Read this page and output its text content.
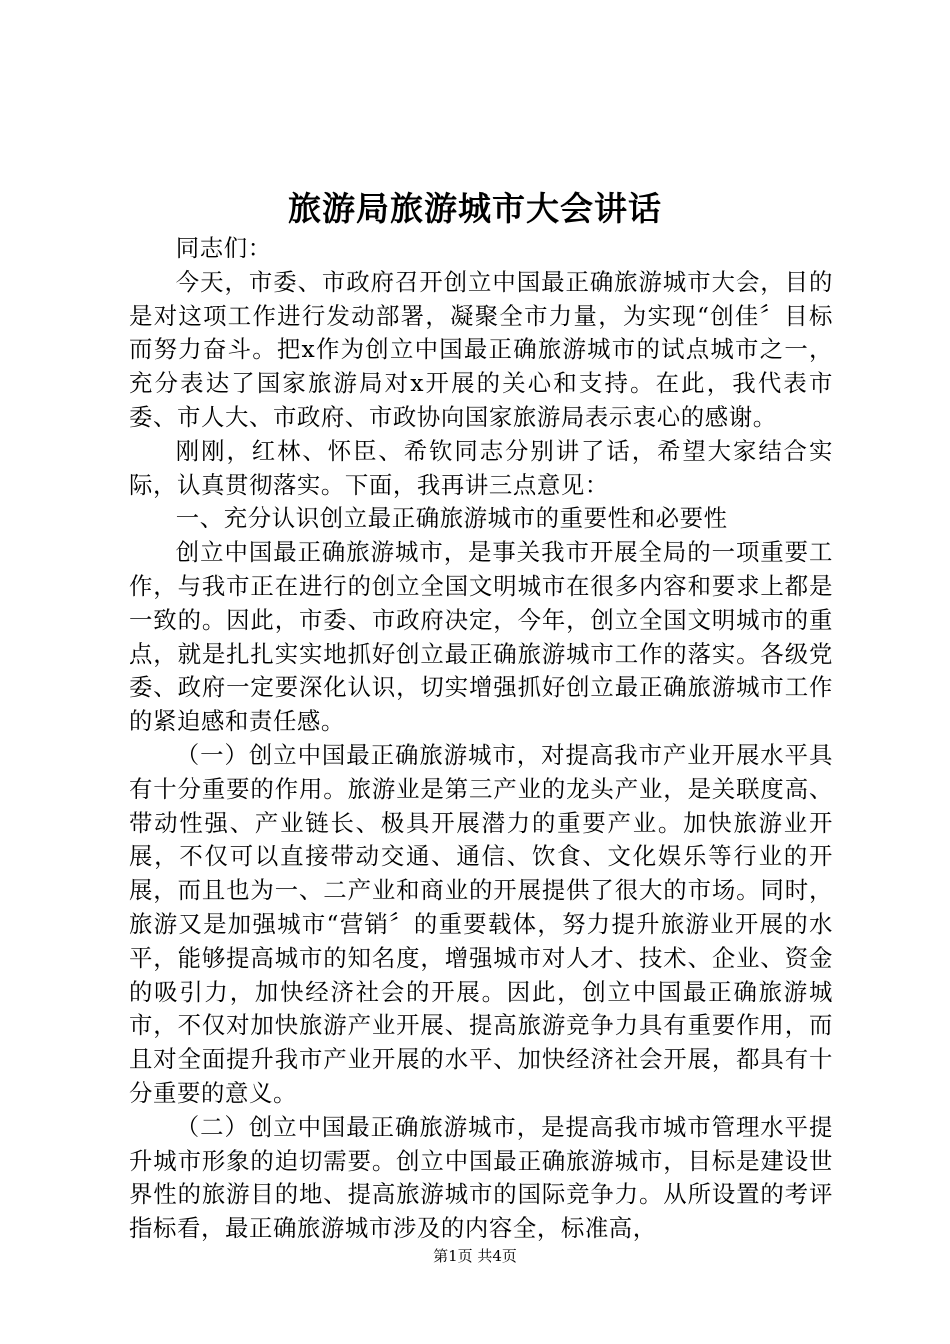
旅游局旅游城市大会讲话

同志们：

今天，市委、市政府召开创立中国最正确旅游城市大会，目的是对这项工作进行发动部署，凝聚全市力量，为实现“创佳〞目标而努力奋斗。把x作为创立中国最正确旅游城市的试点城市之一，充分表达了国家旅游局对x开展的关心和支持。在此，我代表市委、市人大、市政府、市政协向国家旅游局表示衷心的感谢。

刚刚，红林、怀臣、希钦同志分别讲了话，希望大家结合实际，认真贯彻落实。下面，我再讲三点意见：

一、充分认识创立最正确旅游城市的重要性和必要性

创立中国最正确旅游城市，是事关我市开展全局的一项重要工作，与我市正在进行的创立全国文明城市在很多内容和要求上都是一致的。因此，市委、市政府决定，今年，创立全国文明城市的重点，就是扎扎实实地抓好创立最正确旅游城市工作的落实。各级党委、政府一定要深化认识，切实增强抓好创立最正确旅游城市工作的紧迫感和责任感。

（一）创立中国最正确旅游城市，对提高我市产业开展水平具有十分重要的作用。旅游业是第三产业的龙头产业，是关联度高、带动性强、产业链长、极具开展潜力的重要产业。加快旅游业开展，不仅可以直接带动交通、通信、饮食、文化娱乐等行业的开展，而且也为一、二产业和商业的开展提供了很大的市场。同时，旅游又是加强城市“营销〞的重要载体，努力提升旅游业开展的水平，能够提高城市的知名度，增强城市对人才、技术、企业、资金的吸引力，加快经济社会的开展。因此，创立中国最正确旅游城市，不仅对加快旅游产业开展、提高旅游竞争力具有重要作用，而且对全面提升我市产业开展的水平、加快经济社会开展，都具有十分重要的意义。

（二）创立中国最正确旅游城市，是提高我市城市管理水平提升城市形象的迫切需要。创立中国最正确旅游城市，目标是建设世界性的旅游目的地、提高旅游城市的国际竞争力。从所设置的考评指标看，最正确旅游城市涉及的内容全，标准高，

第1页 共4页
